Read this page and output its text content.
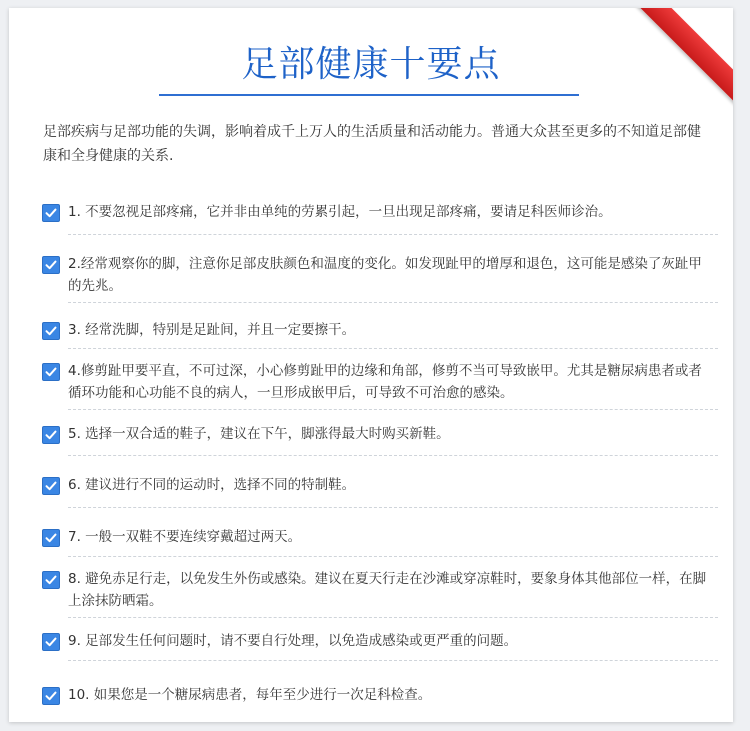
足部健康十要点
足部疾病与足部功能的失调，影响着成千上万人的生活质量和活动能力。普通大众甚至更多的不知道足部健康和全身健康的关系.
1. 不要忽视足部疼痛，它并非由单纯的劳累引起，一旦出现足部疼痛，要请足科医师诊治。
2.经常观察你的脚，注意你足部皮肤颜色和温度的变化。如发现趾甲的增厚和退色，这可能是感染了灰趾甲的先兆。
3. 经常洗脚，特别是足趾间，并且一定要擦干。
4.修剪趾甲要平直，不可过深，小心修剪趾甲的边缘和角部，修剪不当可导致嵌甲。尤其是糖尿病患者或者循环功能和心功能不良的病人，一旦形成嵌甲后，可导致不可治愈的感染。
5. 选择一双合适的鞋子，建议在下午，脚涨得最大时购买新鞋。
6. 建议进行不同的运动时，选择不同的特制鞋。
7. 一般一双鞋不要连续穿戴超过两天。
8. 避免赤足行走，以免发生外伤或感染。建议在夏天行走在沙滩或穿凉鞋时，要象身体其他部位一样，在脚上涂抹防晒霜。
9. 足部发生任何问题时，请不要自行处理，以免造成感染或更严重的问题。
10. 如果您是一个糖尿病患者，每年至少进行一次足科检查。
